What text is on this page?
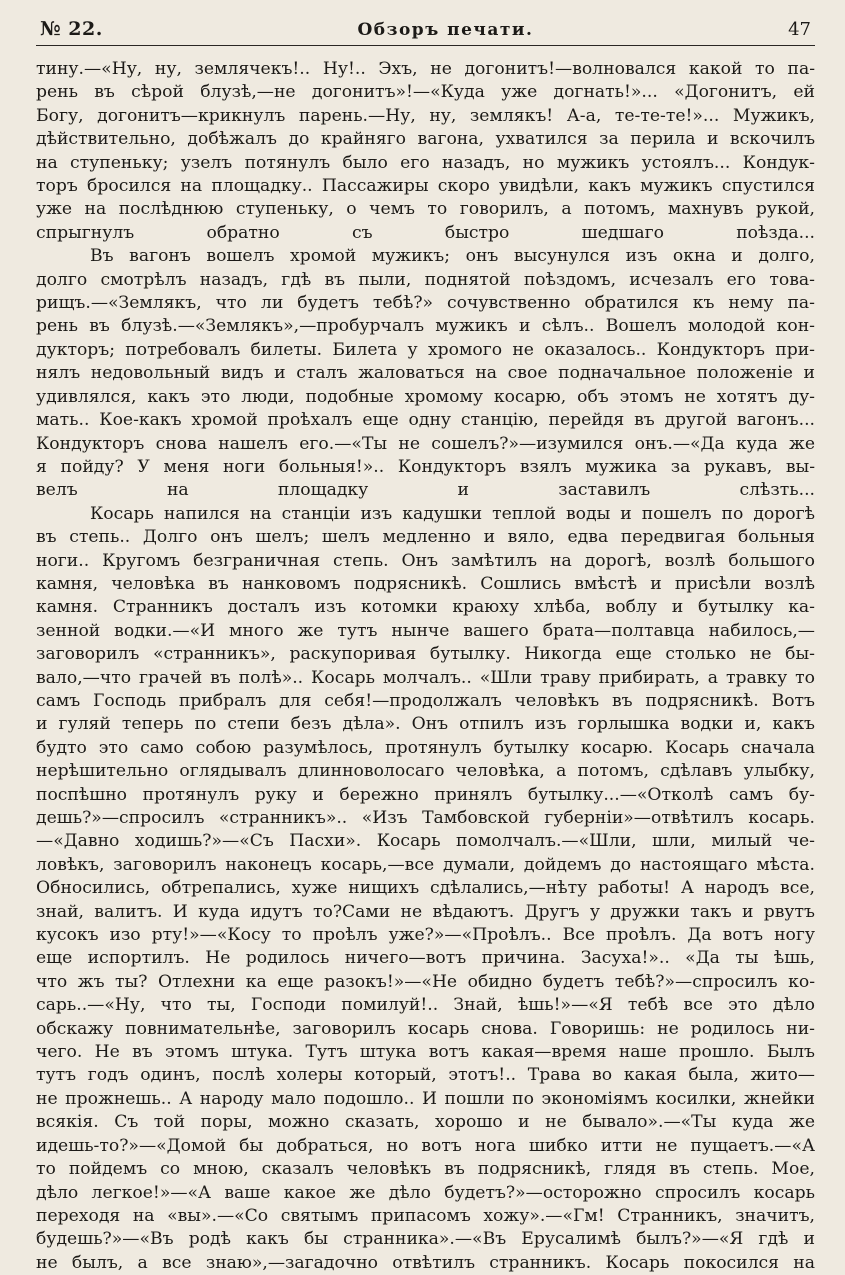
№ 22.	Обзоръ печати.	47

тину.—«Ну, ну, землячекъ!.. Ну!.. Эхъ, не догонитъ!—волновался какой то па-

рень въ сѣрой блузѣ,—не догонитъ»!—«Куда уже догнать!»... «Догонитъ, ей

Богу, догонитъ—крикнулъ парень.—Ну, ну, землякъ! А-а, те-те-те!»... Мужикъ,

дѣйствительно, добѣжалъ до крайняго вагона, ухватился за перила и вскочилъ

на ступеньку; узелъ потянулъ было его назадъ, но мужикъ устоялъ... Кондук-

торъ бросился на площадку.. Пассажиры скоро увидѣли, какъ мужикъ спустился

уже на послѣднюю ступеньку, о чемъ то говорилъ, а потомъ, махнувъ рукой,

спрыгнулъ обратно съ быстро шедшаго поѣзда...

Въ вагонъ вошелъ хромой мужикъ; онъ высунулся изъ окна и долго,

долго смотрѣлъ назадъ, гдѣ въ пыли, поднятой поѣздомъ, исчезалъ его това-

рищъ.—«Землякъ, что ли будетъ тебѣ?» сочувственно обратился къ нему па-

рень въ блузѣ.—«Землякъ»,—пробурчалъ мужикъ и сѣлъ.. Вошелъ молодой кон-

дукторъ; потребовалъ билеты. Билета у хромого не оказалось.. Кондукторъ при-

нялъ недовольный видъ и сталъ жаловаться на свое подначальное положенiе и

удивлялся, какъ это люди, подобные хромому косарю, объ этомъ не хотятъ ду-

мать.. Кое-какъ хромой проѣхалъ еще одну станцiю, перейдя въ другой вагонъ...

Кондукторъ снова нашелъ его.—«Ты не сошелъ?»—изумился онъ.—«Да куда же

я пойду? У меня ноги больныя!».. Кондукторъ взялъ мужика за рукавъ, вы-

велъ на площадку и заставилъ слѣзть...

Косарь напился на станцiи изъ кадушки теплой воды и пошелъ по дорогѣ

въ степь.. Долго онъ шелъ; шелъ медленно и вяло, едва передвигая больныя

ноги.. Кругомъ безграничная степь. Онъ замѣтилъ на дорогѣ, возлѣ большого

камня, человѣка въ нанковомъ подрясникѣ. Сошлись вмѣстѣ и присѣли возлѣ

камня. Странникъ досталъ изъ котомки краюху хлѣба, воблу и бутылку ка-

зенной водки.—«И много же тутъ нынче вашего брата—полтавца набилось,—

заговорилъ «странникъ», раскупоривая бутылку. Никогда еще столько не бы-

вало,—что грачей въ полѣ».. Косарь молчалъ.. «Шли траву прибирать, а травку то

самъ Господь прибралъ для себя!—продолжалъ человѣкъ въ подрясникѣ. Вотъ

и гуляй теперь по степи безъ дѣла». Онъ отпилъ изъ горлышка водки и, какъ

будто это само собою разумѣлось, протянулъ бутылку косарю. Косарь сначала

нерѣшительно оглядывалъ длинноволосаго человѣка, а потомъ, сдѣлавъ улыбку,

поспѣшно протянулъ руку и бережно принялъ бутылку...—«Отколѣ самъ бу-

дешь?»—спросилъ «странникъ».. «Изъ Тамбовской губернiи»—отвѣтилъ косарь.

—«Давно ходишь?»—«Съ Пасхи». Косарь помолчалъ.—«Шли, шли, милый че-

ловѣкъ, заговорилъ наконецъ косарь,—все думали, дойдемъ до настоящаго мѣста.

Обносились, обтрепались, хуже нищихъ сдѣлались,—нѣту работы! А народъ все,

знай, валитъ. И куда идутъ то?Сами не вѣдаютъ. Другъ у дружки такъ и рвутъ

кусокъ изо рту!»—«Косу то проѣлъ уже?»—«Проѣлъ.. Все проѣлъ. Да вотъ ногу

еще испортилъ. Не родилось ничего—вотъ причина. Засуха!».. «Да ты ѣшь,

что жъ ты? Отлехни ка еще разокъ!»—«Не обидно будетъ тебѣ?»—спросилъ ко-

сарь..—«Ну, что ты, Господи помилуй!.. Знай, ѣшь!»—«Я тебѣ все это дѣло

обскажу повнимательнѣе, заговорилъ косарь снова. Говоришь: не родилось ни-

чего. Не въ этомъ штука. Тутъ штука вотъ какая—время наше прошло. Былъ

тутъ годъ одинъ, послѣ холеры который, этотъ!.. Трава во какая была, жито—

не прожнешь.. А народу мало подошло.. И пошли по экономiямъ косилки, жнейки

всякiя. Съ той поры, можно сказать, хорошо и не бывало».—«Ты куда же

идешь-то?»—«Домой бы добраться, но вотъ нога шибко итти не пущаетъ.—«А

то пойдемъ со мною, сказалъ человѣкъ въ подрясникѣ, глядя въ степь. Мое,

дѣло легкое!»—«А ваше какое же дѣло будетъ?»—осторожно спросилъ косарь

переходя на «вы».—«Со святымъ припасомъ хожу».—«Гм! Странникъ, значитъ,

будешь?»—«Въ родѣ какъ бы странника».—«Въ Ерусалимѣ былъ?»—«Я гдѣ и

не былъ, а все знаю»,—загадочно отвѣтилъ странникъ. Косарь покосился на
